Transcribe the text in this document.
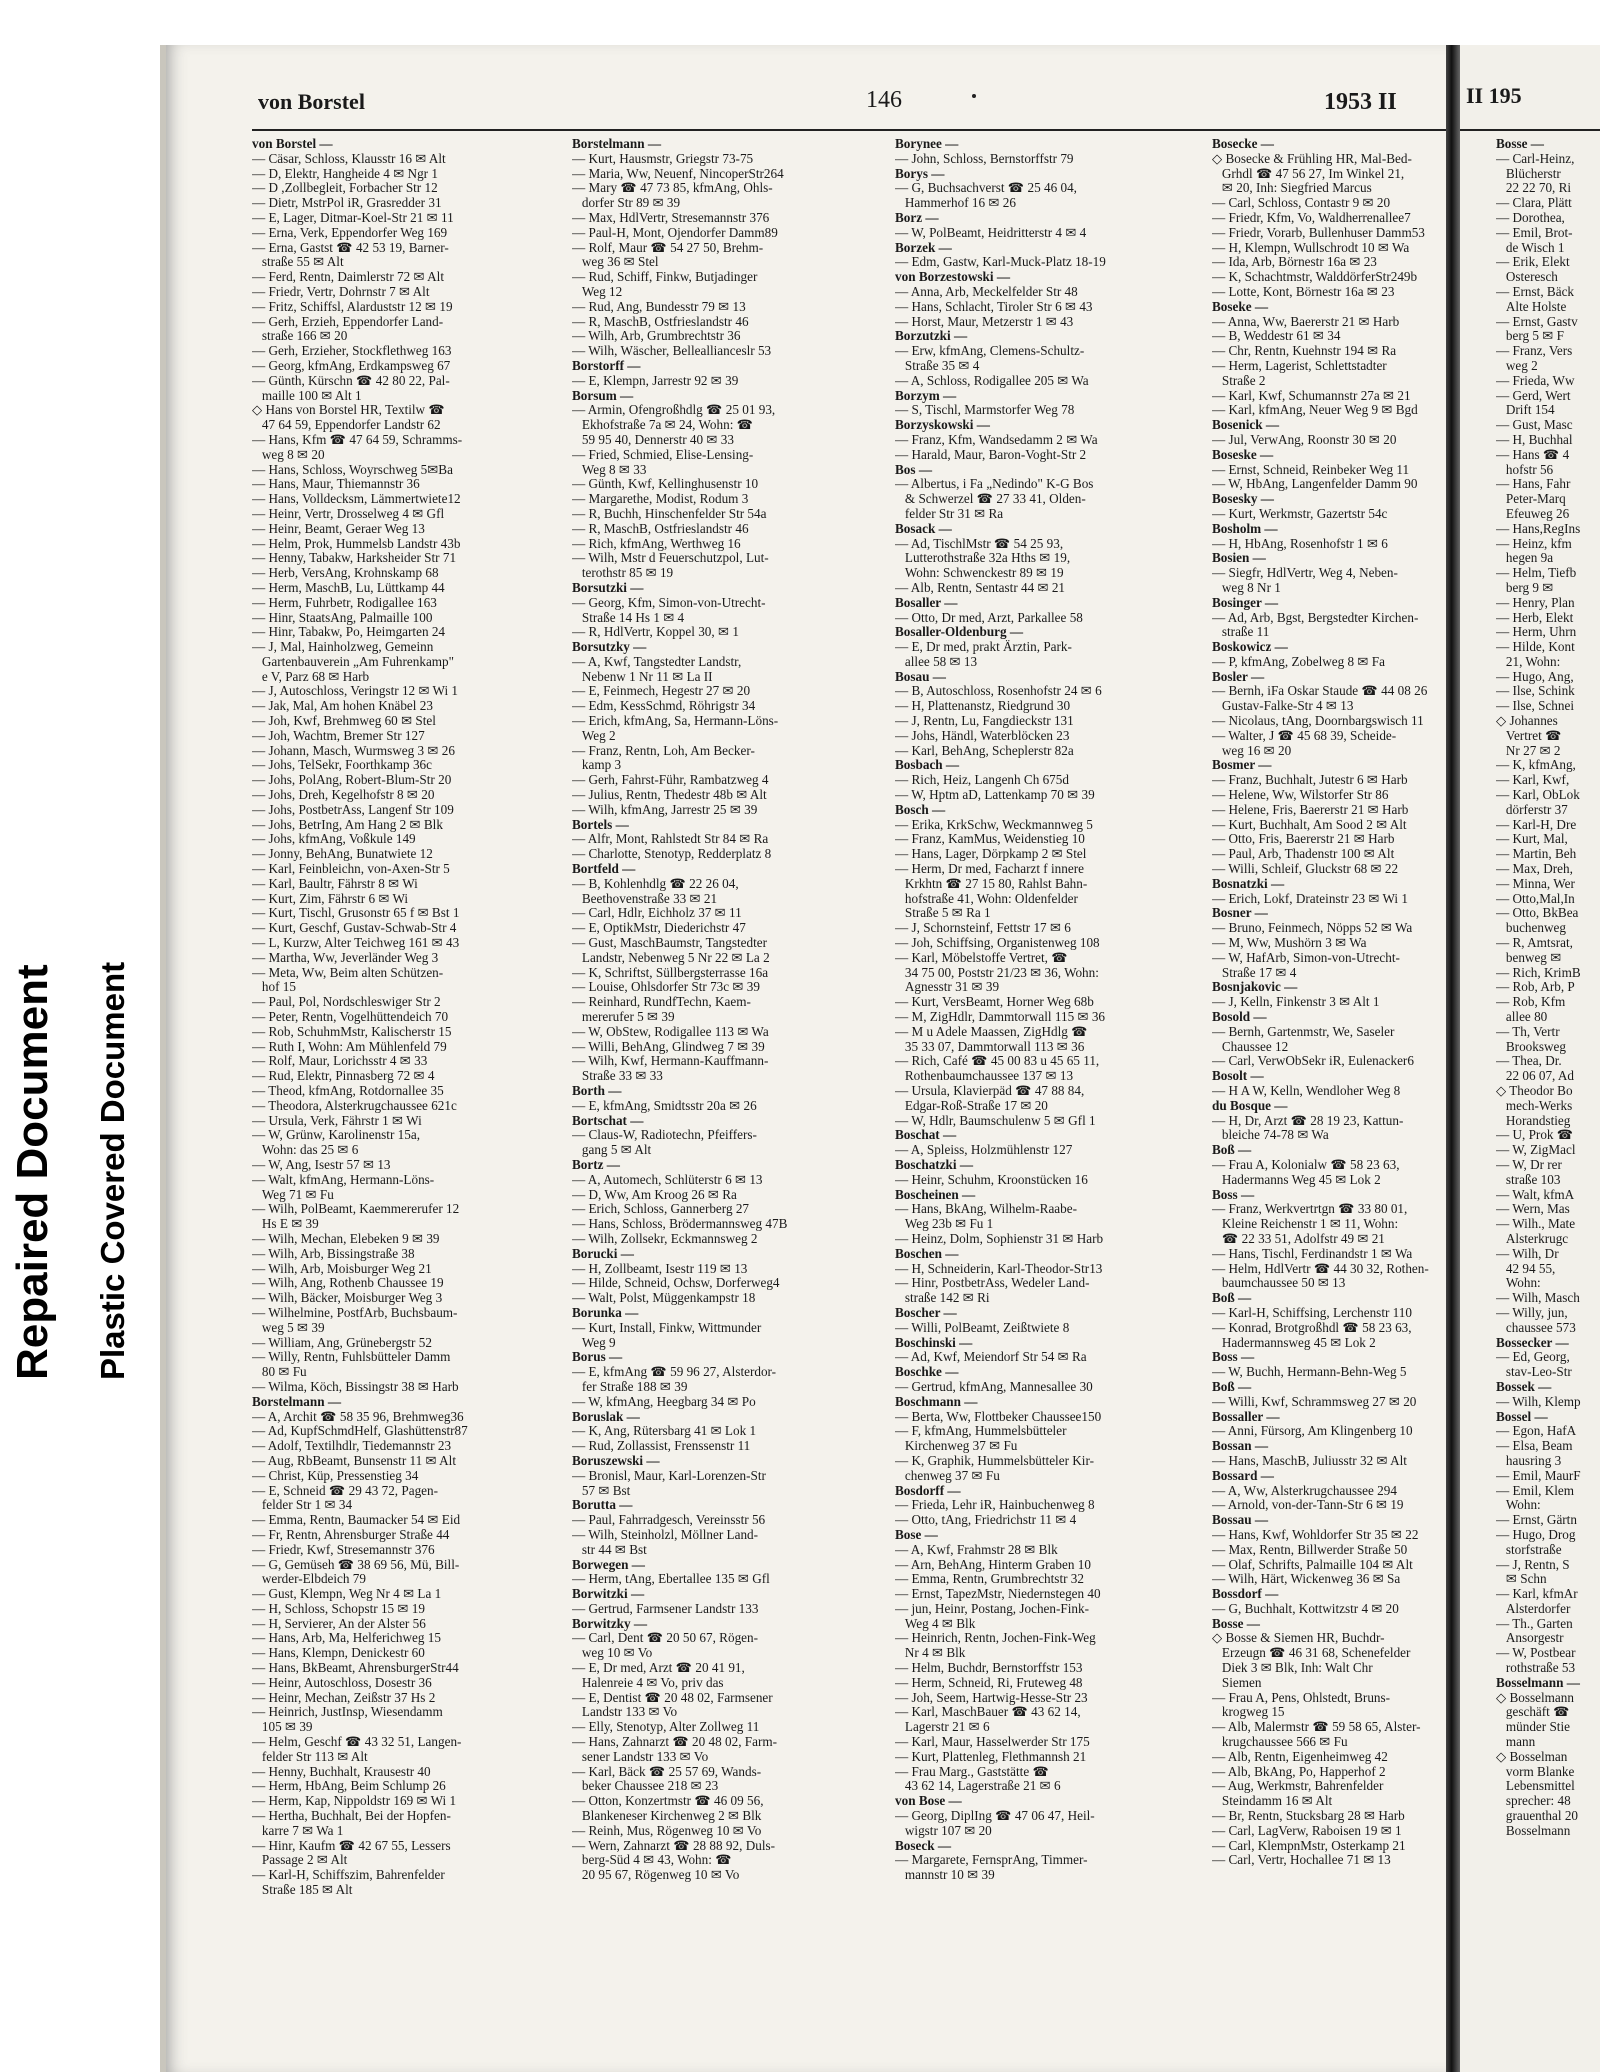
Repaired Document Plastic Covered Document
von Borstel	146	1953 II
von Borstel —
— Cäsar, Schloss, Klausstr 16 ✉ Alt
— D, Elektr, Hangheide 4 ✉ Ngr 1
— D ,Zollbegleit, Forbacher Str 12
— Dietr, MstrPol iR, Grasredder 31
— E, Lager, Ditmar-Koel-Str 21 ✉ 11
— Erna, Verk, Eppendorfer Weg 169
— Erna, Gastst ☎ 42 53 19, Barner-
straße 55 ✉ Alt
— Ferd, Rentn, Daimlerstr 72 ✉ Alt
— Friedr, Vertr, Dohrnstr 7 ✉ Alt
— Fritz, Schiffsl, Alarduststr 12 ✉ 19
— Gerh, Erzieh, Eppendorfer Land-
straße 166 ✉ 20
— Gerh, Erzieher, Stockflethweg 163
— Georg, kfmAng, Erdkampsweg 67
— Günth, Kürschn ☎ 42 80 22, Pal-
maille 100 ✉ Alt 1
◇ Hans von Borstel HR, Textilw ☎
47 64 59, Eppendorfer Landstr 62
— Hans, Kfm ☎ 47 64 59, Schramms-
weg 8 ✉ 20
— Hans, Schloss, Woyrschweg 5✉Ba
— Hans, Maur, Thiemannstr 36
— Hans, Volldecksm, Lämmertwiete12
— Heinr, Vertr, Drosselweg 4 ✉ Gfl
— Heinr, Beamt, Geraer Weg 13
— Helm, Prok, Hummelsb Landstr 43b
— Henny, Tabakw, Harksheider Str 71
— Herb, VersAng, Krohnskamp 68
— Herm, MaschB, Lu, Lüttkamp 44
— Herm, Fuhrbetr, Rodigallee 163
— Hinr, StaatsAng, Palmaille 100
— Hinr, Tabakw, Po, Heimgarten 24
— J, Mal, Hainholzweg, Gemeinn
Gartenbauverein „Am Fuhrenkamp"
e V, Parz 68 ✉ Harb
— J, Autoschloss, Veringstr 12 ✉ Wi 1
— Jak, Mal, Am hohen Knäbel 23
— Joh, Kwf, Brehmweg 60 ✉ Stel
— Joh, Wachtm, Bremer Str 127
— Johann, Masch, Wurmsweg 3 ✉ 26
— Johs, TelSekr, Foorthkamp 36c
— Johs, PolAng, Robert-Blum-Str 20
— Johs, Dreh, Kegelhofstr 8 ✉ 20
— Johs, PostbetrAss, Langenf Str 109
— Johs, BetrIng, Am Hang 2 ✉ Blk
— Johs, kfmAng, Voßkule 149
— Jonny, BehAng, Bunatwiete 12
— Karl, Feinbleichn, von-Axen-Str 5
— Karl, Baultr, Fährstr 8 ✉ Wi
— Kurt, Zim, Fährstr 6 ✉ Wi
— Kurt, Tischl, Grusonstr 65 f ✉ Bst 1
— Kurt, Geschf, Gustav-Schwab-Str 4
— L, Kurzw, Alter Teichweg 161 ✉ 43
— Martha, Ww, Jeverländer Weg 3
— Meta, Ww, Beim alten Schützen-
hof 15
— Paul, Pol, Nordschleswiger Str 2
— Peter, Rentn, Vogelhüttendeich 70
— Rob, SchuhmMstr, Kalischerstr 15
— Ruth I, Wohn: Am Mühlenfeld 79
— Rolf, Maur, Lorichsstr 4 ✉ 33
— Rud, Elektr, Pinnasberg 72 ✉ 4
— Theod, kfmAng, Rotdornallee 35
— Theodora, Alsterkrugchaussee 621c
— Ursula, Verk, Fährstr 1 ✉ Wi
— W, Grünw, Karolinenstr 15a,
Wohn: das 25 ✉ 6
— W, Ang, Isestr 57 ✉ 13
— Walt, kfmAng, Hermann-Löns-
Weg 71 ✉ Fu
— Wilh, PolBeamt, Kaemmererufer 12
Hs E ✉ 39
— Wilh, Mechan, Elebeken 9 ✉ 39
— Wilh, Arb, Bissingstraße 38
— Wilh, Arb, Moisburger Weg 21
— Wilh, Ang, Rothenb Chaussee 19
— Wilh, Bäcker, Moisburger Weg 3
— Wilhelmine, PostfArb, Buchsbaum-
weg 5 ✉ 39
— William, Ang, Grünebergstr 52
— Willy, Rentn, Fuhlsbütteler Damm
80 ✉ Fu
— Wilma, Köch, Bissingstr 38 ✉ Harb
Borstelmann —
— A, Archit ☎ 58 35 96, Brehmweg36
— Ad, KupfSchmdHelf, Glashüttenstr87
— Adolf, Textilhdlr, Tiedemannstr 23
— Aug, RbBeamt, Bunsenstr 11 ✉ Alt
— Christ, Küp, Pressenstieg 34
— E, Schneid ☎ 29 43 72, Pagen-
felder Str 1 ✉ 34
— Emma, Rentn, Baumacker 54 ✉ Eid
— Fr, Rentn, Ahrensburger Straße 44
— Friedr, Kwf, Stresemannstr 376
— G, Gemüseh ☎ 38 69 56, Mü, Bill-
werder-Elbdeich 79
— Gust, Klempn, Weg Nr 4 ✉ La 1
— H, Schloss, Schopstr 15 ✉ 19
— H, Servierer, An der Alster 56
— Hans, Arb, Ma, Helferichweg 15
— Hans, Klempn, Denickestr 60
— Hans, BkBeamt, AhrensburgerStr44
— Heinr, Autoschloss, Dosestr 36
— Heinr, Mechan, Zeißstr 37 Hs 2
— Heinrich, JustInsp, Wiesendamm
105 ✉ 39
— Helm, Geschf ☎ 43 32 51, Langen-
felder Str 113 ✉ Alt
— Henny, Buchhalt, Krausestr 40
— Herm, HbAng, Beim Schlump 26
— Herm, Kap, Nippoldstr 169 ✉ Wi 1
— Hertha, Buchhalt, Bei der Hopfen-
karre 7 ✉ Wa 1
— Hinr, Kaufm ☎ 42 67 55, Lessers
Passage 2 ✉ Alt
— Karl-H, Schiffszim, Bahrenfelder
Straße 185 ✉ Alt
Borstelmann —
— Kurt, Hausmstr, Griegstr 73-75
— Maria, Ww, Neuenf, NincoperStr264
— Mary ☎ 47 73 85, kfmAng, Ohls-
dorfer Str 89 ✉ 39
— Max, HdlVertr, Stresemannstr 376
— Paul-H, Mont, Ojendorfer Damm89
— Rolf, Maur ☎ 54 27 50, Brehm-
weg 36 ✉ Stel
— Rud, Schiff, Finkw, Butjadinger
Weg 12
— Rud, Ang, Bundesstr 79 ✉ 13
— R, MaschB, Ostfrieslandstr 46
— Wilh, Arb, Grumbrechtstr 36
— Wilh, Wäscher, Belleallianceslr 53
Borstorff —
— E, Klempn, Jarrestr 92 ✉ 39
Borsum —
— Armin, Ofengroßhdlg ☎ 25 01 93,
Ekhofstraße 7a ✉ 24, Wohn: ☎
59 95 40, Dennerstr 40 ✉ 33
— Fried, Schmied, Elise-Lensing-
Weg 8 ✉ 33
— Günth, Kwf, Kellinghusenstr 10
— Margarethe, Modist, Rodum 3
— R, Buchh, Hinschenfelder Str 54a
— R, MaschB, Ostfrieslandstr 46
— Rich, kfmAng, Werthweg 16
— Wilh, Mstr d Feuerschutzpol, Lut-
terothstr 85 ✉ 19
Borsutzki —
— Georg, Kfm, Simon-von-Utrecht-
Straße 14 Hs 1 ✉ 4
— R, HdlVertr, Koppel 30, ✉ 1
Borsutzky —
— A, Kwf, Tangstedter Landstr,
Nebenw 1 Nr 11 ✉ La II
— E, Feinmech, Hegestr 27 ✉ 20
— Edm, KessSchmd, Röhrigstr 34
— Erich, kfmAng, Sa, Hermann-Löns-
Weg 2
— Franz, Rentn, Loh, Am Becker-
kamp 3
— Gerh, Fahrst-Führ, Rambatzweg 4
— Julius, Rentn, Thedestr 48b ✉ Alt
— Wilh, kfmAng, Jarrestr 25 ✉ 39
Bortels —
— Alfr, Mont, Rahlstedt Str 84 ✉ Ra
— Charlotte, Stenotyp, Redderplatz 8
Bortfeld —
— B, Kohlenhdlg ☎ 22 26 04,
Beethovenstraße 33 ✉ 21
— Carl, Hdlr, Eichholz 37 ✉ 11
— E, OptikMstr, Diederichstr 47
— Gust, MaschBaumstr, Tangstedter
Landstr, Nebenweg 5 Nr 22 ✉ La 2
— K, Schriftst, Süllbergsterrasse 16a
— Louise, Ohlsdorfer Str 73c ✉ 39
— Reinhard, RundfTechn, Kaem-
mererufer 5 ✉ 39
— W, ObStew, Rodigallee 113 ✉ Wa
— Willi, BehAng, Glindweg 7 ✉ 39
— Wilh, Kwf, Hermann-Kauffmann-
Straße 33 ✉ 33
Borth —
— E, kfmAng, Smidtsstr 20a ✉ 26
Bortschat —
— Claus-W, Radiotechn, Pfeiffers-
gang 5 ✉ Alt
Bortz —
— A, Automech, Schlüterstr 6 ✉ 13
— D, Ww, Am Kroog 26 ✉ Ra
— Erich, Schloss, Gannerberg 27
— Hans, Schloss, Brödermannsweg 47B
— Wilh, Zollsekr, Eckmannsweg 2
Borucki —
— H, Zollbeamt, Isestr 119 ✉ 13
— Hilde, Schneid, Ochsw, Dorferweg4
— Walt, Polst, Müggenkampstr 18
Borunka —
— Kurt, Install, Finkw, Wittmunder
Weg 9
Borus —
— E, kfmAng ☎ 59 96 27, Alsterdor-
fer Straße 188 ✉ 39
— W, kfmAng, Heegbarg 34 ✉ Po
Boruslak —
— K, Ang, Rütersbarg 41 ✉ Lok 1
— Rud, Zollassist, Frenssenstr 11
Boruszewski —
— Bronisl, Maur, Karl-Lorenzen-Str
57 ✉ Bst
Borutta —
— Paul, Fahrradgesch, Vereinsstr 56
— Wilh, Steinholzl, Möllner Land-
str 44 ✉ Bst
Borwegen —
— Herm, tAng, Ebertallee 135 ✉ Gfl
Borwitzki —
— Gertrud, Farmsener Landstr 133
Borwitzky —
— Carl, Dent ☎ 20 50 67, Rögen-
weg 10 ✉ Vo
— E, Dr med, Arzt ☎ 20 41 91,
Halenreie 4 ✉ Vo, priv das
— E, Dentist ☎ 20 48 02, Farmsener
Landstr 133 ✉ Vo
— Elly, Stenotyp, Alter Zollweg 11
— Hans, Zahnarzt ☎ 20 48 02, Farm-
sener Landstr 133 ✉ Vo
— Karl, Bäck ☎ 25 57 69, Wands-
beker Chaussee 218 ✉ 23
— Otton, Konzertmstr ☎ 46 09 56,
Blankeneser Kirchenweg 2 ✉ Blk
— Reinh, Mus, Rögenweg 10 ✉ Vo
— Wern, Zahnarzt ☎ 28 88 92, Duls-
berg-Süd 4 ✉ 43, Wohn: ☎
20 95 67, Rögenweg 10 ✉ Vo
Borynee —
— John, Schloss, Bernstorffstr 79
Borys —
— G, Buchsachverst ☎ 25 46 04,
Hammerhof 16 ✉ 26
Borz —
— W, PolBeamt, Heidritterstr 4 ✉ 4
Borzek —
— Edm, Gastw, Karl-Muck-Platz 18-19
von Borzestowski —
— Anna, Arb, Meckelfelder Str 48
— Hans, Schlacht, Tiroler Str 6 ✉ 43
— Horst, Maur, Metzerstr 1 ✉ 43
Borzutzki —
— Erw, kfmAng, Clemens-Schultz-
Straße 35 ✉ 4
— A, Schloss, Rodigallee 205 ✉ Wa
Borzym —
— S, Tischl, Marmstorfer Weg 78
Borzyskowski —
— Franz, Kfm, Wandsedamm 2 ✉ Wa
— Harald, Maur, Baron-Voght-Str 2
Bos —
— Albertus, i Fa „Nedindo" K-G Bos
& Schwerzel ☎ 27 33 41, Olden-
felder Str 31 ✉ Ra
Bosack —
— Ad, TischlMstr ☎ 54 25 93,
Lutterothstraße 32a Hths ✉ 19,
Wohn: Schwenckestr 89 ✉ 19
— Alb, Rentn, Sentastr 44 ✉ 21
Bosaller —
— Otto, Dr med, Arzt, Parkallee 58
Bosaller-Oldenburg —
— E, Dr med, prakt Ärztin, Park-
allee 58 ✉ 13
Bosau —
— B, Autoschloss, Rosenhofstr 24 ✉ 6
— H, Plattenanstz, Riedgrund 30
— J, Rentn, Lu, Fangdieckstr 131
— Johs, Händl, Waterblöcken 23
— Karl, BehAng, Scheplerstr 82a
Bosbach —
— Rich, Heiz, Langenh Ch 675d
— W, Hptm aD, Lattenkamp 70 ✉ 39
Bosch —
— Erika, KrkSchw, Weckmannweg 5
— Franz, KamMus, Weidenstieg 10
— Hans, Lager, Dörpkamp 2 ✉ Stel
— Herm, Dr med, Facharzt f innere
Krkhtn ☎ 27 15 80, Rahlst Bahn-
hofstraße 41, Wohn: Oldenfelder
Straße 5 ✉ Ra 1
— J, Schornsteinf, Fettstr 17 ✉ 6
— Joh, Schiffsing, Organistenweg 108
— Karl, Möbelstoffe Vertret, ☎
34 75 00, Poststr 21/23 ✉ 36, Wohn:
Agnesstr 31 ✉ 39
— Kurt, VersBeamt, Horner Weg 68b
— M, ZigHdlr, Dammtorwall 115 ✉ 36
— M u Adele Maassen, ZigHdlg ☎
35 33 07, Dammtorwall 113 ✉ 36
— Rich, Café ☎ 45 00 83 u 45 65 11,
Rothenbaumchaussee 137 ✉ 13
— Ursula, Klavierpäd ☎ 47 88 84,
Edgar-Roß-Straße 17 ✉ 20
— W, Hdlr, Baumschulenw 5 ✉ Gfl 1
Boschat —
— A, Spleiss, Holzmühlenstr 127
Boschatzki —
— Heinr, Schuhm, Kroonstücken 16
Boscheinen —
— Hans, BkAng, Wilhelm-Raabe-
Weg 23b ✉ Fu 1
— Heinz, Dolm, Sophienstr 31 ✉ Harb
Boschen —
— H, Schneiderin, Karl-Theodor-Str13
— Hinr, PostbetrAss, Wedeler Land-
straße 142 ✉ Ri
Boscher —
— Willi, PolBeamt, Zeißtwiete 8
Boschinski —
— Ad, Kwf, Meiendorf Str 54 ✉ Ra
Boschke —
— Gertrud, kfmAng, Mannesallee 30
Boschmann —
— Berta, Ww, Flottbeker Chaussee150
— F, kfmAng, Hummelsbütteler
Kirchenweg 37 ✉ Fu
— K, Graphik, Hummelsbütteler Kir-
chenweg 37 ✉ Fu
Bosdorff —
— Frieda, Lehr iR, Hainbuchenweg 8
— Otto, tAng, Friedrichstr 11 ✉ 4
Bose —
— A, Kwf, Frahmstr 28 ✉ Blk
— Arn, BehAng, Hinterm Graben 10
— Emma, Rentn, Grumbrechtstr 32
— Ernst, TapezMstr, Niedernstegen 40
— jun, Heinr, Postang, Jochen-Fink-
Weg 4 ✉ Blk
— Heinrich, Rentn, Jochen-Fink-Weg
Nr 4 ✉ Blk
— Helm, Buchdr, Bernstorffstr 153
— Herm, Schneid, Ri, Fruteweg 48
— Joh, Seem, Hartwig-Hesse-Str 23
— Karl, MaschBauer ☎ 43 62 14,
Lagerstr 21 ✉ 6
— Karl, Maur, Hasselwerder Str 175
— Kurt, Plattenleg, Flethmannsh 21
— Frau Marg., Gaststätte ☎
43 62 14, Lagerstraße 21 ✉ 6
von Bose —
— Georg, DiplIng ☎ 47 06 47, Heil-
wigstr 107 ✉ 20
Boseck —
— Margarete, FernsprAng, Timmer-
mannstr 10 ✉ 39
Bosecke —
◇ Bosecke & Frühling HR, Mal-Bed-
Grhdl ☎ 47 56 27, Im Winkel 21,
✉ 20, Inh: Siegfried Marcus
— Carl, Schloss, Contastr 9 ✉ 20
— Friedr, Kfm, Vo, Waldherrenallee7
— Friedr, Vorarb, Bullenhuser Damm53
— H, Klempn, Wullschrodt 10 ✉ Wa
— Ida, Arb, Börnestr 16a ✉ 23
— K, Schachtmstr, WalddörferStr249b
— Lotte, Kont, Börnestr 16a ✉ 23
Boseke —
— Anna, Ww, Baererstr 21 ✉ Harb
— B, Weddestr 61 ✉ 34
— Chr, Rentn, Kuehnstr 194 ✉ Ra
— Herm, Lagerist, Schlettstadter
Straße 2
— Karl, Kwf, Schumannstr 27a ✉ 21
— Karl, kfmAng, Neuer Weg 9 ✉ Bgd
Bosenick —
— Jul, VerwAng, Roonstr 30 ✉ 20
Boseske —
— Ernst, Schneid, Reinbeker Weg 11
— W, HbAng, Langenfelder Damm 90
Bosesky —
— Kurt, Werkmstr, Gazertstr 54c
Bosholm —
— H, HbAng, Rosenhofstr 1 ✉ 6
Bosien —
— Siegfr, HdlVertr, Weg 4, Neben-
weg 8 Nr 1
Bosinger —
— Ad, Arb, Bgst, Bergstedter Kirchen-
straße 11
Boskowicz —
— P, kfmAng, Zobelweg 8 ✉ Fa
Bosler —
— Bernh, iFa Oskar Staude ☎ 44 08 26
Gustav-Falke-Str 4 ✉ 13
— Nicolaus, tAng, Doornbargswisch 11
— Walter, J ☎ 45 68 39, Scheide-
weg 16 ✉ 20
Bosmer —
— Franz, Buchhalt, Jutestr 6 ✉ Harb
— Helene, Ww, Wilstorfer Str 86
— Helene, Fris, Baererstr 21 ✉ Harb
— Kurt, Buchhalt, Am Sood 2 ✉ Alt
— Otto, Fris, Baererstr 21 ✉ Harb
— Paul, Arb, Thadenstr 100 ✉ Alt
— Willi, Schleif, Gluckstr 68 ✉ 22
Bosnatzki —
— Erich, Lokf, Drateinstr 23 ✉ Wi 1
Bosner —
— Bruno, Feinmech, Nöpps 52 ✉ Wa
— M, Ww, Mushörn 3 ✉ Wa
— W, HafArb, Simon-von-Utrecht-
Straße 17 ✉ 4
Bosnjakovic —
— J, Kelln, Finkenstr 3 ✉ Alt 1
Bosold —
— Bernh, Gartenmstr, We, Saseler
Chaussee 12
— Carl, VerwObSekr iR, Eulenacker6
Bosolt —
— H A W, Kelln, Wendloher Weg 8
du Bosque —
— H, Dr, Arzt ☎ 28 19 23, Kattun-
bleiche 74-78 ✉ Wa
Boß —
— Frau A, Kolonialw ☎ 58 23 63,
Hadermanns Weg 45 ✉ Lok 2
Boss —
— Franz, Werkvertrtgn ☎ 33 80 01,
Kleine Reichenstr 1 ✉ 11, Wohn:
☎ 22 33 51, Adolfstr 49 ✉ 21
— Hans, Tischl, Ferdinandstr 1 ✉ Wa
— Helm, HdlVertr ☎ 44 30 32, Rothen-
baumchaussee 50 ✉ 13
Boß —
— Karl-H, Schiffsing, Lerchenstr 110
— Konrad, Brotgroßhdl ☎ 58 23 63,
Hadermannsweg 45 ✉ Lok 2
Boss —
— W, Buchh, Hermann-Behn-Weg 5
Boß —
— Willi, Kwf, Schrammsweg 27 ✉ 20
Bossaller —
— Anni, Fürsorg, Am Klingenberg 10
Bossan —
— Hans, MaschB, Juliusstr 32 ✉ Alt
Bossard —
— A, Ww, Alsterkrugchaussee 294
— Arnold, von-der-Tann-Str 6 ✉ 19
Bossau —
— Hans, Kwf, Wohldorfer Str 35 ✉ 22
— Max, Rentn, Billwerder Straße 50
— Olaf, Schrifts, Palmaille 104 ✉ Alt
— Wilh, Härt, Wickenweg 36 ✉ Sa
Bossdorf —
— G, Buchhalt, Kottwitzstr 4 ✉ 20
Bosse —
◇ Bosse & Siemen HR, Buchdr-
Erzeugn ☎ 46 31 68, Schenefelder
Diek 3 ✉ Blk, Inh: Walt Chr
Siemen
— Frau A, Pens, Ohlstedt, Bruns-
krogweg 15
— Alb, Malermstr ☎ 59 58 65, Alster-
krugchaussee 566 ✉ Fu
— Alb, Rentn, Eigenheimweg 42
— Alb, BkAng, Po, Happerhof 2
— Aug, Werkmstr, Bahrenfelder
Steindamm 16 ✉ Alt
— Br, Rentn, Stucksbarg 28 ✉ Harb
— Carl, LagVerw, Raboisen 19 ✉ 1
— Carl, KlempnMstr, Osterkamp 21
— Carl, Vertr, Hochallee 71 ✉ 13
II 195
Bosse —
— Carl-Heinz,
Blücherstr
22 22 70, Ri
— Clara, Plätt
— Dorothea,
— Emil, Brot-
de Wisch 1
— Erik, Elekt
Osteresch
— Ernst, Bäck
Alte Holste
— Ernst, Gastv
berg 5 ✉ F
— Franz, Vers
weg 2
— Frieda, Ww
— Gerd, Wert
Drift 154
— Gust, Masc
— H, Buchhal
— Hans ☎ 4
hofstr 56
— Hans, Fahr
Peter-Marq
Efeuweg 26
— Hans,RegIns
— Heinz, kfm
hegen 9a
— Helm, Tiefb
berg 9 ✉
— Henry, Plan
— Herb, Elekt
— Herm, Uhrn
— Hilde, Kont
21, Wohn:
— Hugo, Ang,
— Ilse, Schink
— Ilse, Schnei
◇ Johannes
Vertret ☎
Nr 27 ✉ 2
— K, kfmAng,
— Karl, Kwf,
— Karl, ObLok
dörferstr 37
— Karl-H, Dre
— Kurt, Mal,
— Martin, Beh
— Max, Dreh,
— Minna, Wer
— Otto,Mal,In
— Otto, BkBea
buchenweg
— R, Amtsrat,
benweg ✉
— Rich, KrimB
— Rob, Arb, P
— Rob, Kfm
allee 80
— Th, Vertr
Brooksweg
— Thea, Dr.
22 06 07, Ad
◇ Theodor Bo
mech-Werks
Horandstieg
— U, Prok ☎
— W, ZigMacl
— W, Dr rer
straße 103
— Walt, kfmA
— Wern, Mas
— Wilh., Mate
Alsterkrugc
— Wilh, Dr
42 94 55,
Wohn:
— Wilh, Masch
— Willy, jun,
chaussee 573
Bossecker —
— Ed, Georg,
stav-Leo-Str
Bossek —
— Wilh, Klemp
Bossel —
— Egon, HafA
— Elsa, Beam
hausring 3
— Emil, MaurF
— Emil, Klem
Wohn:
— Ernst, Gärtn
— Hugo, Drog
storfstraße
— J, Rentn, S
✉ Schn
— Karl, kfmAr
Alsterdorfer
— Th., Garten
Ansorgestr
— W, Postbear
rothstraße 53
Bosselmann —
◇ Bosselmann
geschäft ☎
münder Stie
mann
◇ Bosselman
vorm Blanke
Lebensmittel
sprecher: 48
grauenthal 20
Bosselmann
